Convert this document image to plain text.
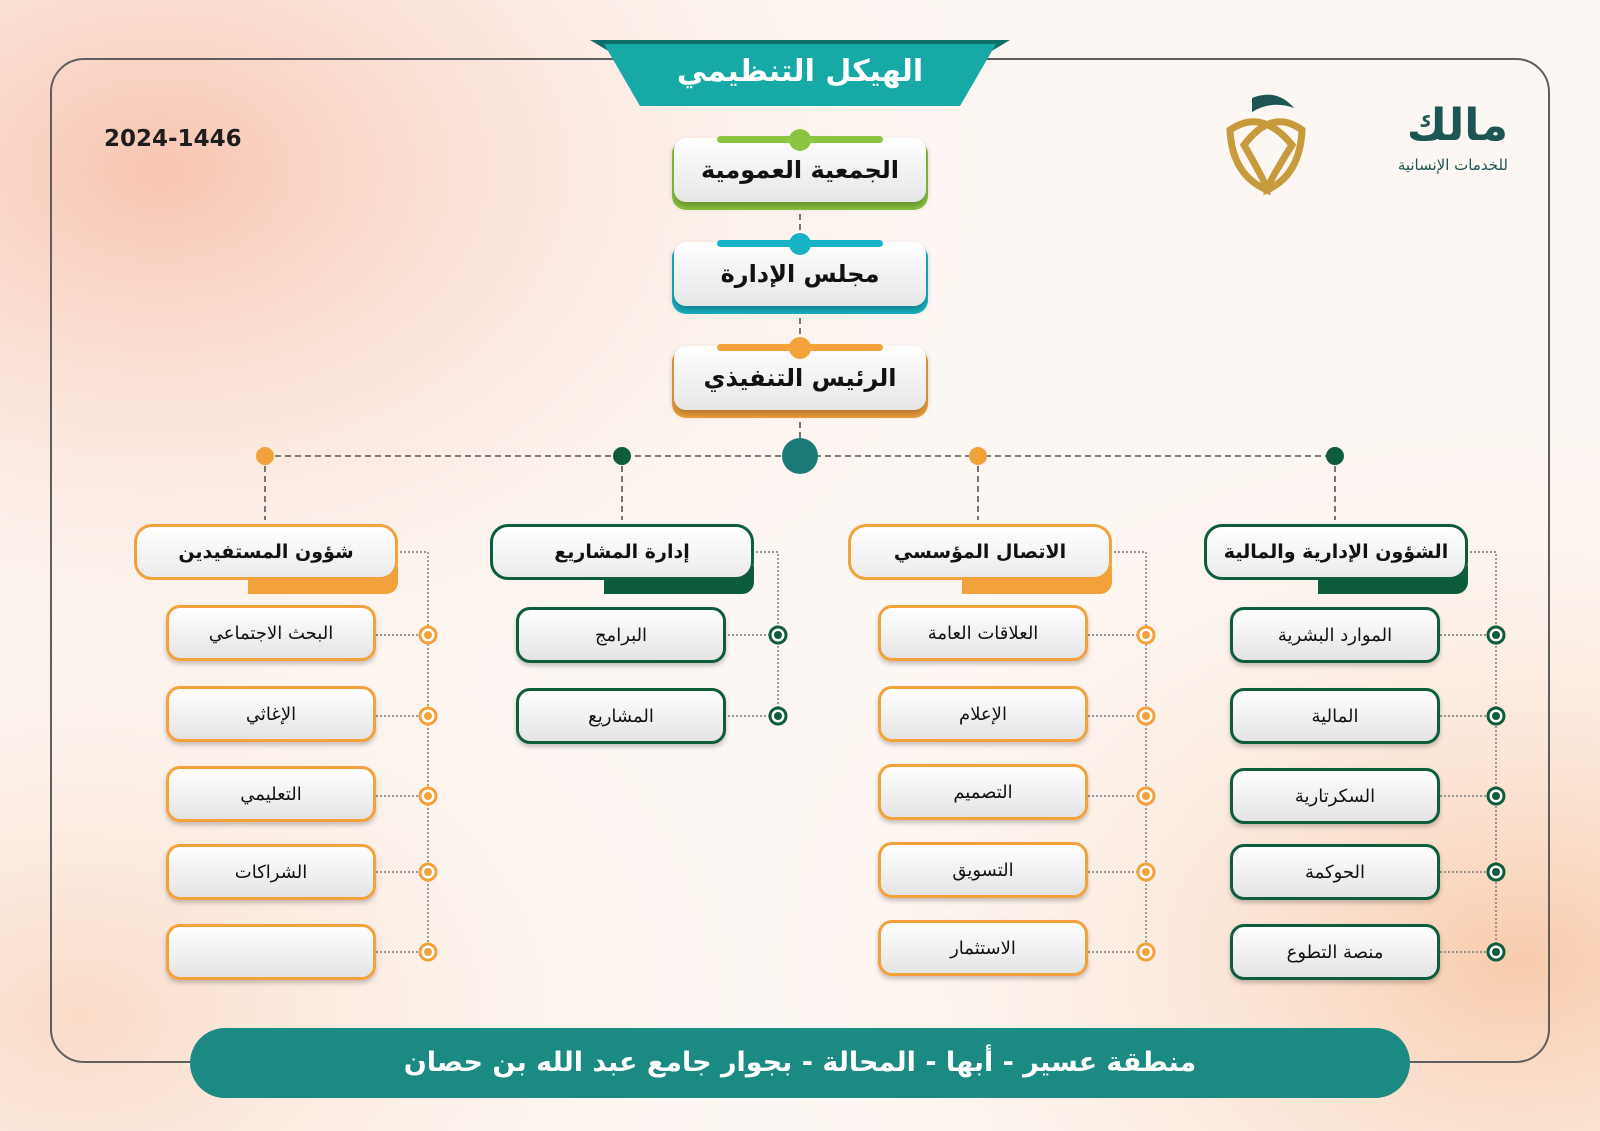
الهيكل التنظيمي
2024-1446	مالك
للخدمات الإنسانية
الجمعية العمومية
مجلس الإدارة
الرئيس التنفيذي
الشؤون الإدارية والمالية
الموارد البشرية
المالية
السكرتارية
الحوكمة
منصة التطوع
الاتصال المؤسسي
العلاقات العامة
الإعلام
التصميم
التسويق
الاستثمار
إدارة المشاريع
البرامج
المشاريع
شؤون المستفيدين
البحث الاجتماعي
الإغاثي
التعليمي
الشراكات
منطقة عسير - أبها - المحالة - بجوار جامع عبد الله بن حصان
